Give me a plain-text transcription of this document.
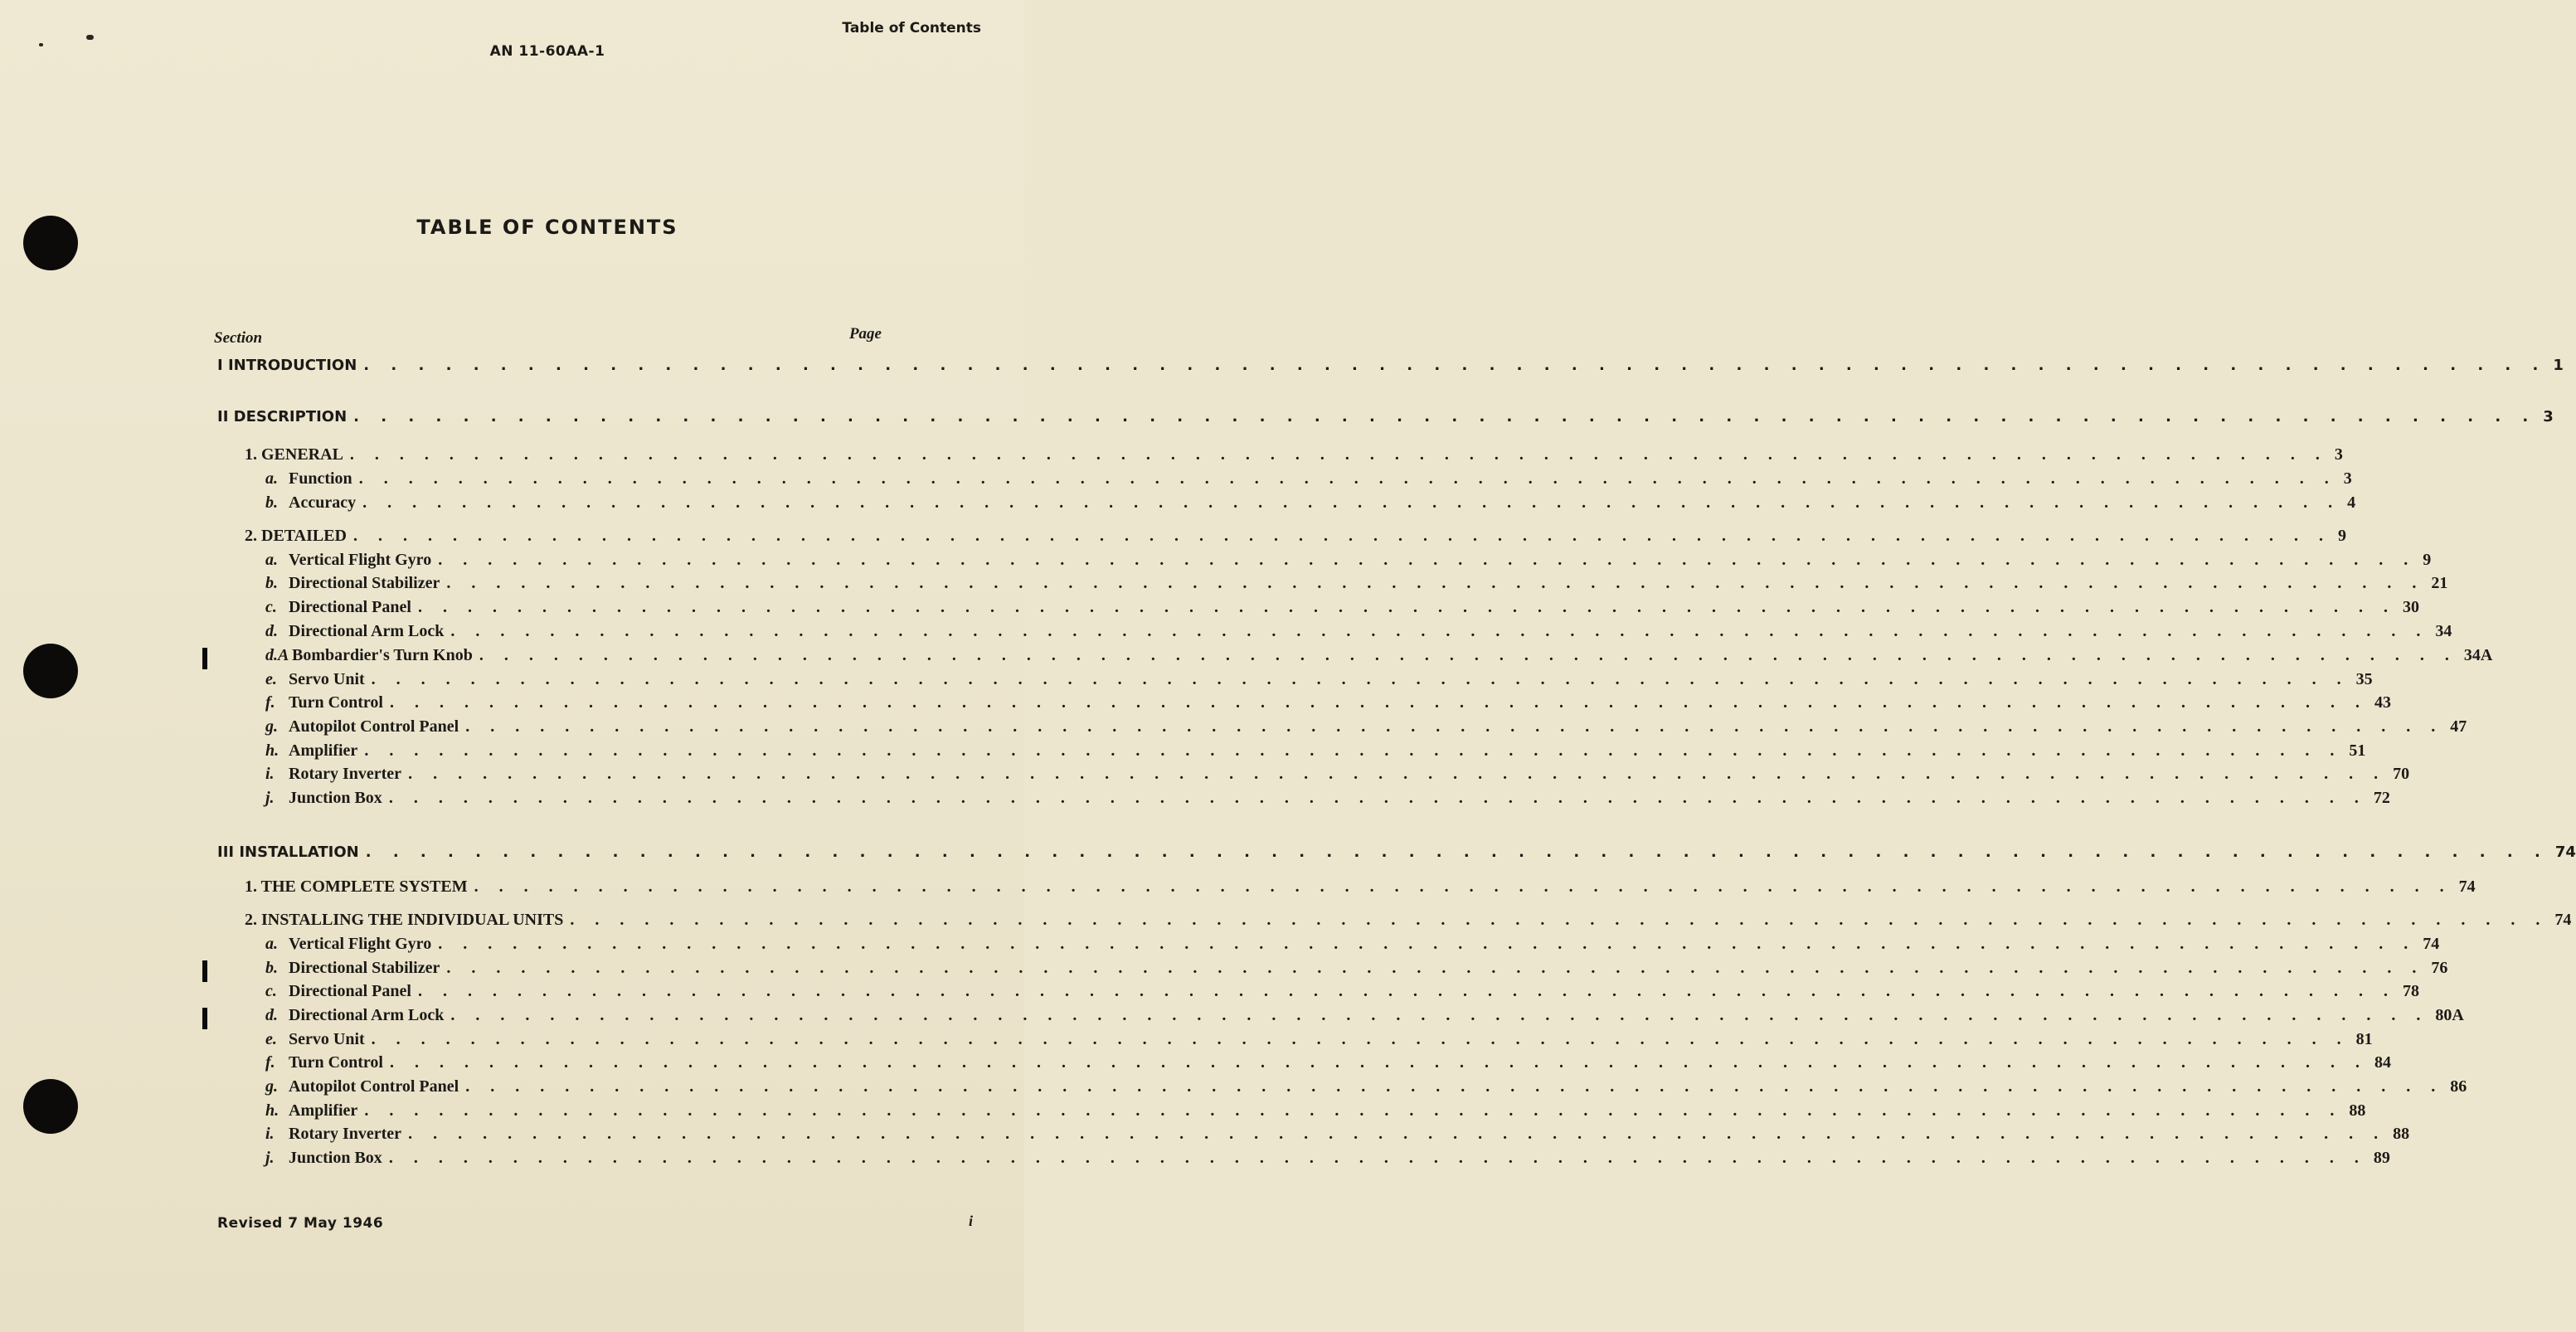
Table of Contents
AN 11-60AA-1
TABLE OF CONTENTS
Section	Page
I INTRODUCTION . . . . . . . . . . . . . . . . . . . . . . . . . . . . . . . . . . . . . . . . . . . . . . . . . . . . . . . . . . . . . . . . . . . . . . . . . . . . . . . . 1
II DESCRIPTION . . . . . . . . . . . . . . . . . . . . . . . . . . . . . . . . . . . . . . . . . . . . . . . . . . . . . . . . . . . . . . . . . . . . . . . . . . . . . . . . 3
1. GENERAL . . . . . . . . . . . . . . . . . . . . . . . . . . . . . . . . . . . . . . . . . . . . . . . . . . . . . . . . . . . . . . . . . . . . . . . . . . . . . . . . 3
a. Function . . . . . . . . . . . . . . . . . . . . . . . . . . . . . . . . . . . . . . . . . . . . . . . . . . . . . . . . . . . . . . . . . . . . . . . . . . . . . . . . 3
b. Accuracy . . . . . . . . . . . . . . . . . . . . . . . . . . . . . . . . . . . . . . . . . . . . . . . . . . . . . . . . . . . . . . . . . . . . . . . . . . . . . . . . 4
2. DETAILED . . . . . . . . . . . . . . . . . . . . . . . . . . . . . . . . . . . . . . . . . . . . . . . . . . . . . . . . . . . . . . . . . . . . . . . . . . . . . . . . 9
a. Vertical Flight Gyro . . . . . . . . . . . . . . . . . . . . . . . . . . . . . . . . . . . . . . . . . . . . . . . . . . . . . . . . . . . . . . . . . . . . . . . . . . . . . . . . 9
b. Directional Stabilizer . . . . . . . . . . . . . . . . . . . . . . . . . . . . . . . . . . . . . . . . . . . . . . . . . . . . . . . . . . . . . . . . . . . . . . . . . . . . . . . . 21
c. Directional Panel . . . . . . . . . . . . . . . . . . . . . . . . . . . . . . . . . . . . . . . . . . . . . . . . . . . . . . . . . . . . . . . . . . . . . . . . . . . . . . . . 30
d. Directional Arm Lock . . . . . . . . . . . . . . . . . . . . . . . . . . . . . . . . . . . . . . . . . . . . . . . . . . . . . . . . . . . . . . . . . . . . . . . . . . . . . . . . 34
d.A Bombardier's Turn Knob . . . . . . . . . . . . . . . . . . . . . . . . . . . . . . . . . . . . . . . . . . . . . . . . . . . . . . . . . . . . . . . . . . . . . . . . . . . . . . . . 34A
e. Servo Unit . . . . . . . . . . . . . . . . . . . . . . . . . . . . . . . . . . . . . . . . . . . . . . . . . . . . . . . . . . . . . . . . . . . . . . . . . . . . . . . . 35
f. Turn Control . . . . . . . . . . . . . . . . . . . . . . . . . . . . . . . . . . . . . . . . . . . . . . . . . . . . . . . . . . . . . . . . . . . . . . . . . . . . . . . . 43
g. Autopilot Control Panel . . . . . . . . . . . . . . . . . . . . . . . . . . . . . . . . . . . . . . . . . . . . . . . . . . . . . . . . . . . . . . . . . . . . . . . . . . . . . . . . 47
h. Amplifier . . . . . . . . . . . . . . . . . . . . . . . . . . . . . . . . . . . . . . . . . . . . . . . . . . . . . . . . . . . . . . . . . . . . . . . . . . . . . . . . 51
i. Rotary Inverter . . . . . . . . . . . . . . . . . . . . . . . . . . . . . . . . . . . . . . . . . . . . . . . . . . . . . . . . . . . . . . . . . . . . . . . . . . . . . . . . 70
j. Junction Box . . . . . . . . . . . . . . . . . . . . . . . . . . . . . . . . . . . . . . . . . . . . . . . . . . . . . . . . . . . . . . . . . . . . . . . . . . . . . . . . 72
III INSTALLATION . . . . . . . . . . . . . . . . . . . . . . . . . . . . . . . . . . . . . . . . . . . . . . . . . . . . . . . . . . . . . . . . . . . . . . . . . . . . . . . . 74
1. THE COMPLETE SYSTEM . . . . . . . . . . . . . . . . . . . . . . . . . . . . . . . . . . . . . . . . . . . . . . . . . . . . . . . . . . . . . . . . . . . . . . . . . . . . . . . . 74
2. INSTALLING THE INDIVIDUAL UNITS . . . . . . . . . . . . . . . . . . . . . . . . . . . . . . . . . . . . . . . . . . . . . . . . . . . . . . . . . . . . . . . . . . . . . . . . . . . . . . . . 74
a. Vertical Flight Gyro . . . . . . . . . . . . . . . . . . . . . . . . . . . . . . . . . . . . . . . . . . . . . . . . . . . . . . . . . . . . . . . . . . . . . . . . . . . . . . . . 74
b. Directional Stabilizer . . . . . . . . . . . . . . . . . . . . . . . . . . . . . . . . . . . . . . . . . . . . . . . . . . . . . . . . . . . . . . . . . . . . . . . . . . . . . . . . 76
c. Directional Panel . . . . . . . . . . . . . . . . . . . . . . . . . . . . . . . . . . . . . . . . . . . . . . . . . . . . . . . . . . . . . . . . . . . . . . . . . . . . . . . . 78
d. Directional Arm Lock . . . . . . . . . . . . . . . . . . . . . . . . . . . . . . . . . . . . . . . . . . . . . . . . . . . . . . . . . . . . . . . . . . . . . . . . . . . . . . . . 80A
e. Servo Unit . . . . . . . . . . . . . . . . . . . . . . . . . . . . . . . . . . . . . . . . . . . . . . . . . . . . . . . . . . . . . . . . . . . . . . . . . . . . . . . . 81
f. Turn Control . . . . . . . . . . . . . . . . . . . . . . . . . . . . . . . . . . . . . . . . . . . . . . . . . . . . . . . . . . . . . . . . . . . . . . . . . . . . . . . . 84
g. Autopilot Control Panel . . . . . . . . . . . . . . . . . . . . . . . . . . . . . . . . . . . . . . . . . . . . . . . . . . . . . . . . . . . . . . . . . . . . . . . . . . . . . . . . 86
h. Amplifier . . . . . . . . . . . . . . . . . . . . . . . . . . . . . . . . . . . . . . . . . . . . . . . . . . . . . . . . . . . . . . . . . . . . . . . . . . . . . . . . 88
i. Rotary Inverter . . . . . . . . . . . . . . . . . . . . . . . . . . . . . . . . . . . . . . . . . . . . . . . . . . . . . . . . . . . . . . . . . . . . . . . . . . . . . . . . 88
j. Junction Box . . . . . . . . . . . . . . . . . . . . . . . . . . . . . . . . . . . . . . . . . . . . . . . . . . . . . . . . . . . . . . . . . . . . . . . . . . . . . . . . 89
Revised 7 May 1946	i
